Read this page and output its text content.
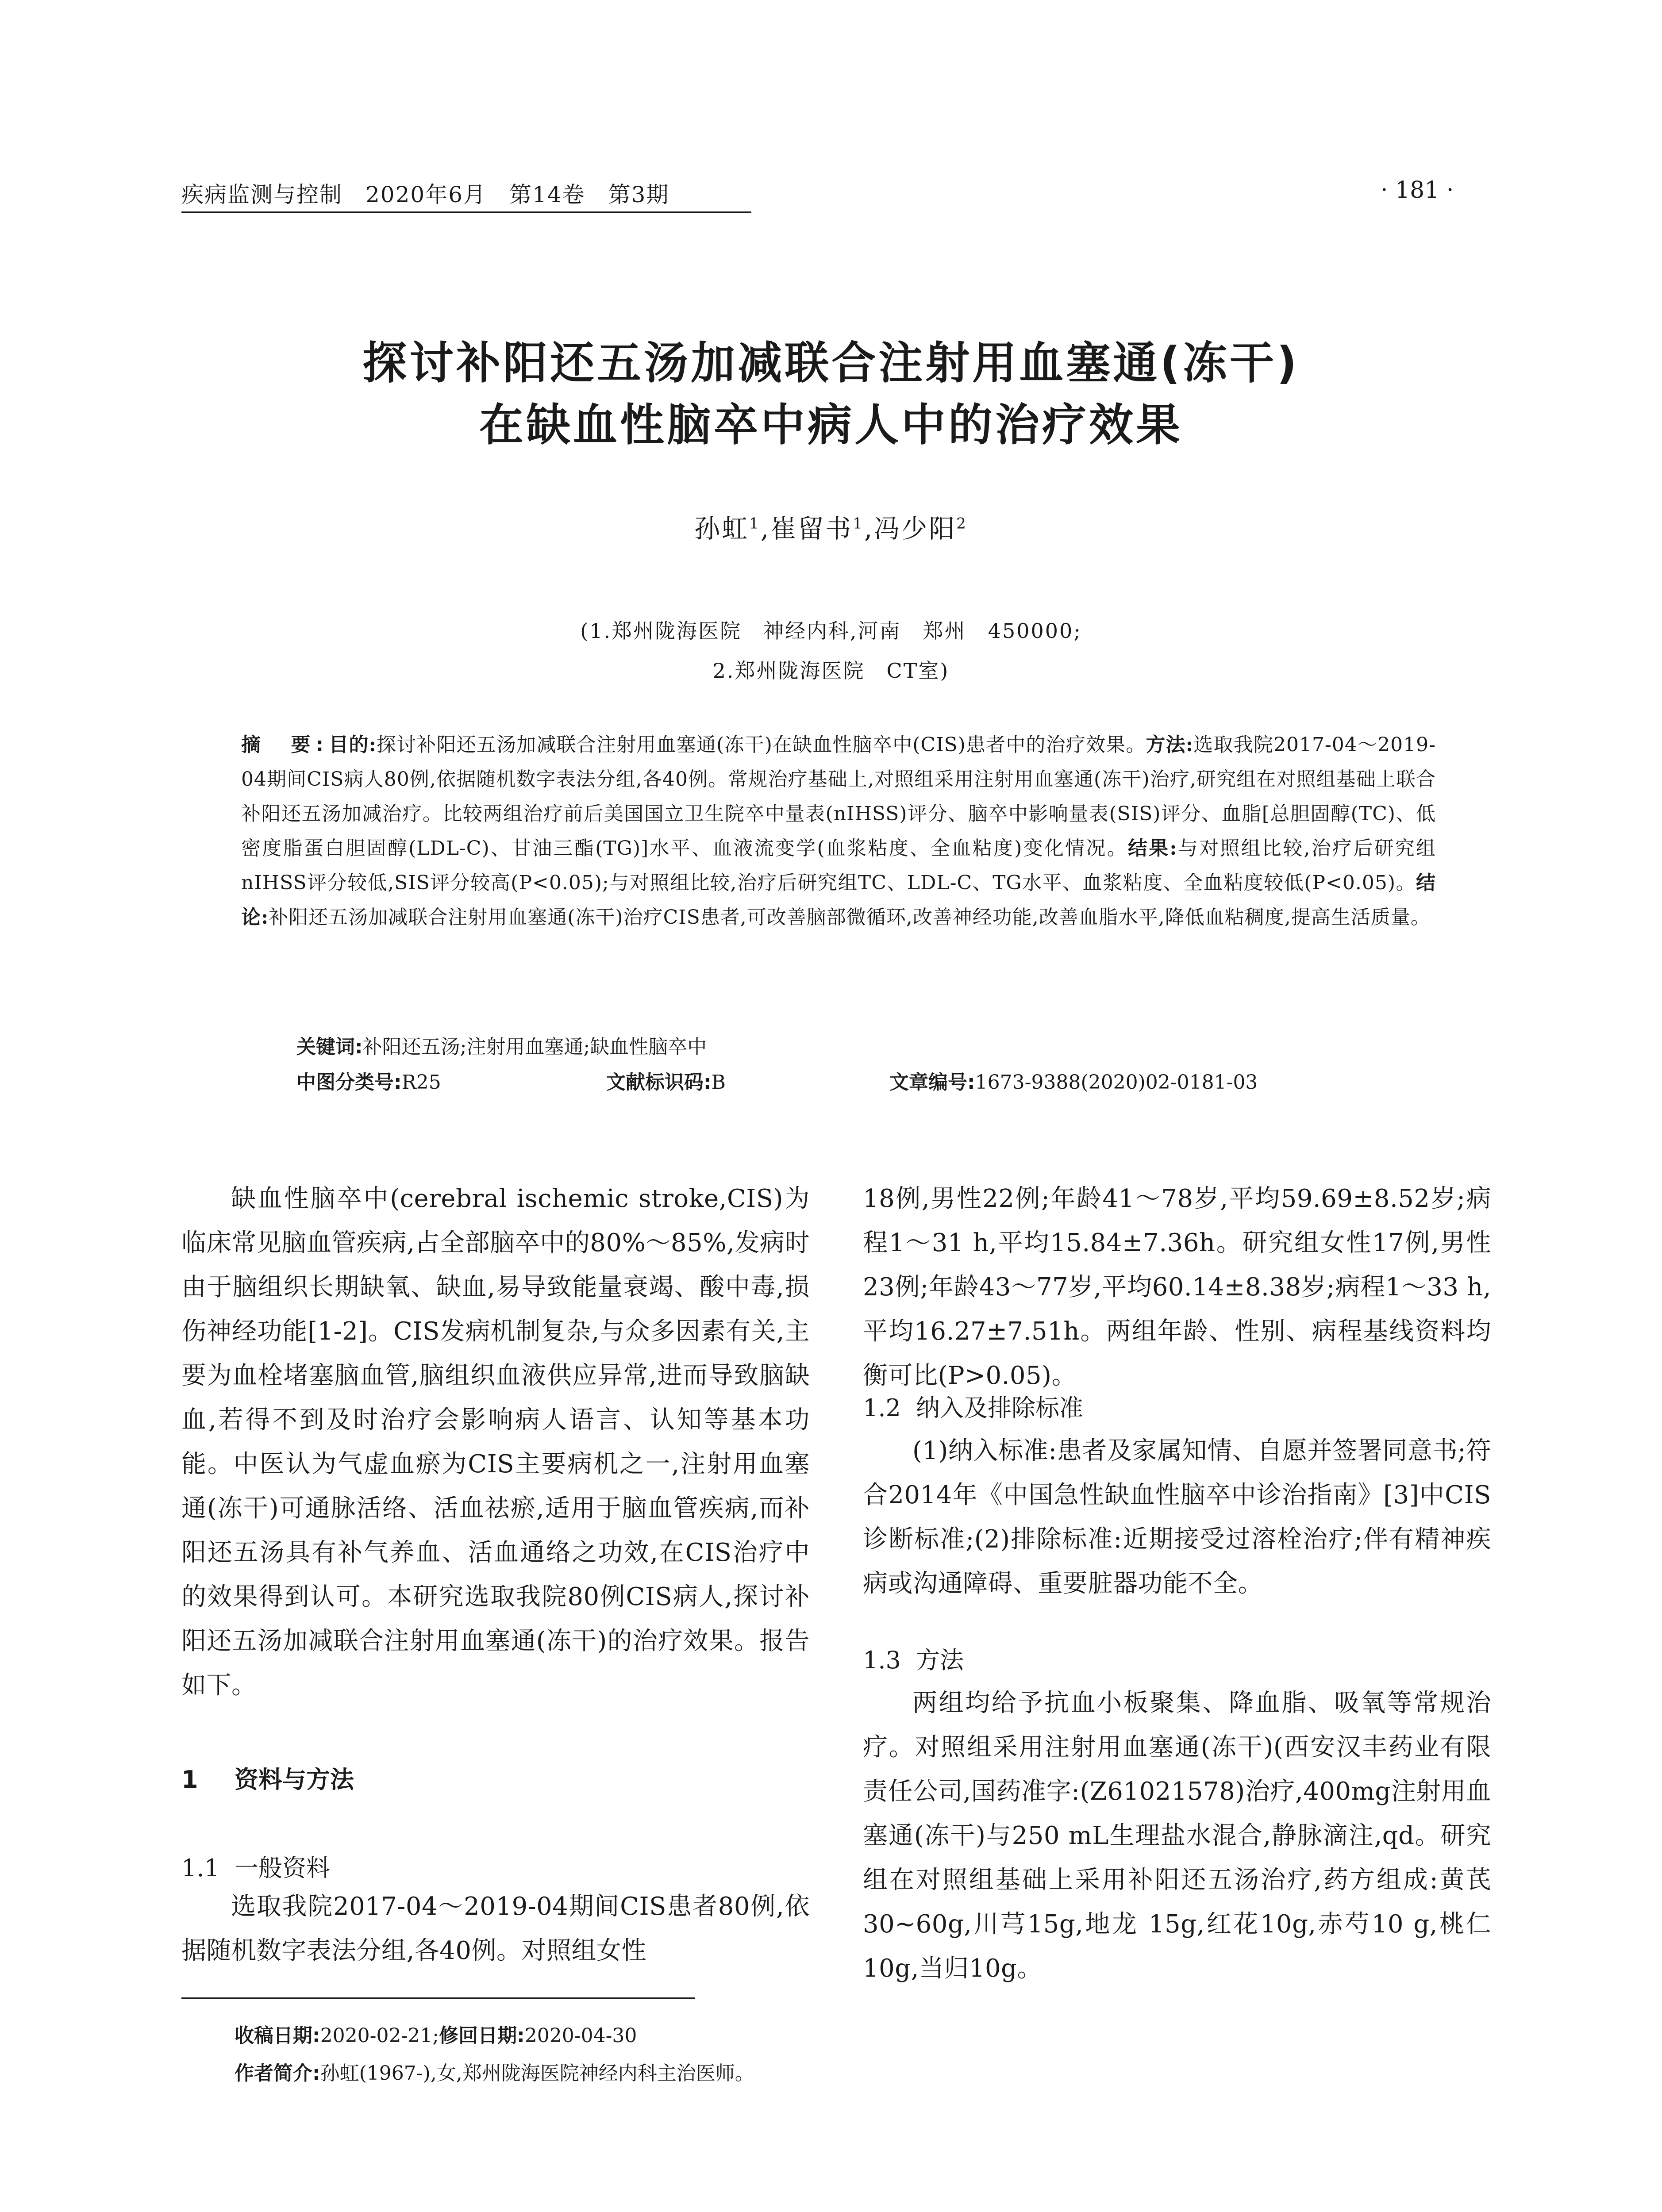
疾病监测与控制　2020年6月　第14卷　第3期	· 181 ·
探讨补阳还五汤加减联合注射用血塞通(冻干)
在缺血性脑卒中病人中的治疗效果
孙虹$^1$,崔留书$^1$,冯少阳$^2$
(1.郑州陇海医院　神经内科,河南　郑州　450000;
2.郑州陇海医院　CT室)
摘　要:目的:探讨补阳还五汤加减联合注射用血塞通(冻干)在缺血性脑卒中(CIS)患者中的治疗效果。方法:选取我院2017-04～2019-04期间CIS病人80例,依据随机数字表法分组,各40例。常规治疗基础上,对照组采用注射用血塞通(冻干)治疗,研究组在对照组基础上联合补阳还五汤加减治疗。比较两组治疗前后美国国立卫生院卒中量表(nIHSS)评分、脑卒中影响量表(SIS)评分、血脂[总胆固醇(TC)、低密度脂蛋白胆固醇(LDL-C)、甘油三酯(TG)]水平、血液流变学(血浆粘度、全血粘度)变化情况。结果:与对照组比较,治疗后研究组nIHSS评分较低,SIS评分较高(P<0.05);与对照组比较,治疗后研究组TC、LDL-C、TG水平、血浆粘度、全血粘度较低(P<0.05)。结论:补阳还五汤加减联合注射用血塞通(冻干)治疗CIS患者,可改善脑部微循环,改善神经功能,改善血脂水平,降低血粘稠度,提高生活质量。
关键词:补阳还五汤;注射用血塞通;缺血性脑卒中
中图分类号:R25	文献标识码:B	文章编号:1673-9388(2020)02-0181-03

缺血性脑卒中(cerebral ischemic stroke,CIS)为临床常见脑血管疾病,占全部脑卒中的80%～85%,发病时由于脑组织长期缺氧、缺血,易导致能量衰竭、酸中毒,损伤神经功能[1-2]。CIS发病机制复杂,与众多因素有关,主要为血栓堵塞脑血管,脑组织血液供应异常,进而导致脑缺血,若得不到及时治疗会影响病人语言、认知等基本功能。中医认为气虚血瘀为CIS主要病机之一,注射用血塞通(冻干)可通脉活络、活血祛瘀,适用于脑血管疾病,而补阳还五汤具有补气养血、活血通络之功效,在CIS治疗中的效果得到认可。本研究选取我院80例CIS病人,探讨补阳还五汤加减联合注射用血塞通(冻干)的治疗效果。报告如下。

1 资料与方法
1.1 一般资料

选取我院2017-04～2019-04期间CIS患者80例,依据随机数字表法分组,各40例。对照组女性

18例,男性22例;年龄41～78岁,平均59.69±8.52岁;病程1～31 h,平均15.84±7.36h。研究组女性17例,男性23例;年龄43～77岁,平均60.14±8.38岁;病程1～33 h,平均16.27±7.51h。两组年龄、性别、病程基线资料均衡可比(P>0.05)。

1.2 纳入及排除标准

(1)纳入标准:患者及家属知情、自愿并签署同意书;符合2014年《中国急性缺血性脑卒中诊治指南》[3]中CIS诊断标准;(2)排除标准:近期接受过溶栓治疗;伴有精神疾病或沟通障碍、重要脏器功能不全。

1.3 方法

两组均给予抗血小板聚集、降血脂、吸氧等常规治疗。对照组采用注射用血塞通(冻干)(西安汉丰药业有限责任公司,国药准字:(Z61021578)治疗,400mg注射用血塞通(冻干)与250 mL生理盐水混合,静脉滴注,qd。研究组在对照组基础上采用补阳还五汤治疗,药方组成:黄芪30~60g,川芎15g,地龙 15g,红花10g,赤芍10 g,桃仁10g,当归10g。

收稿日期:2020-02-21;修回日期:2020-04-30
作者简介:孙虹(1967-),女,郑州陇海医院神经内科主治医师。
